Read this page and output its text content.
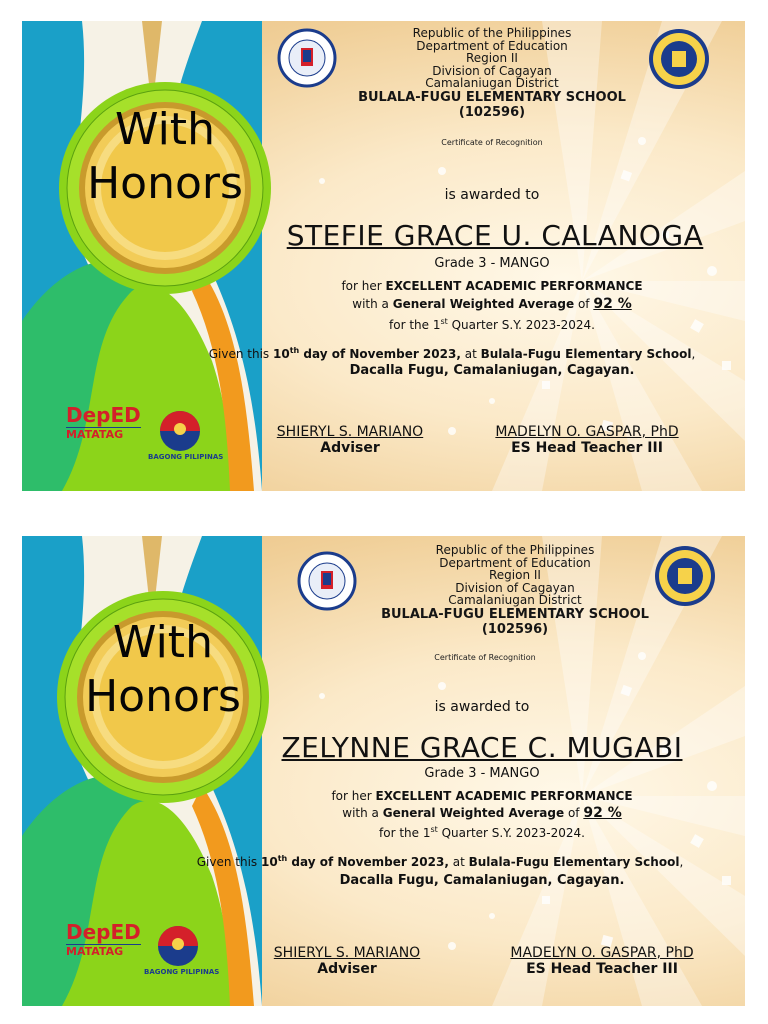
With
Honors
Republic of the Philippines
Department of Education
Region II
Division of Cagayan
Camalaniugan District
BULALA-FUGU ELEMENTARY SCHOOL
(102596)
Certificate of Recognition
is awarded to
STEFIE GRACE U. CALANOGA
Grade 3 - MANGO
for her EXCELLENT ACADEMIC PERFORMANCE
with a General Weighted Average of 92 %
for the 1st Quarter S.Y. 2023-2024.
Given this 10th day of November 2023, at Bulala-Fugu Elementary School,
Dacalla Fugu, Camalaniugan, Cagayan.
DepED
MATATAG
BAGONG PILIPINAS
SHIERYL S. MARIANO
Adviser
MADELYN O. GASPAR, PhD
ES Head Teacher III
With
Honors
Republic of the Philippines
Department of Education
Region II
Division of Cagayan
Camalaniugan District
BULALA-FUGU ELEMENTARY SCHOOL
(102596)
Certificate of Recognition
is awarded to
ZELYNNE GRACE C. MUGABI
Grade 3 - MANGO
for her EXCELLENT ACADEMIC PERFORMANCE
with a General Weighted Average of 92 %
for the 1st Quarter S.Y. 2023-2024.
Given this 10th day of November 2023, at Bulala-Fugu Elementary School,
Dacalla Fugu, Camalaniugan, Cagayan.
DepED
MATATAG
BAGONG PILIPINAS
SHIERYL S. MARIANO
Adviser
MADELYN O. GASPAR, PhD
ES Head Teacher III
